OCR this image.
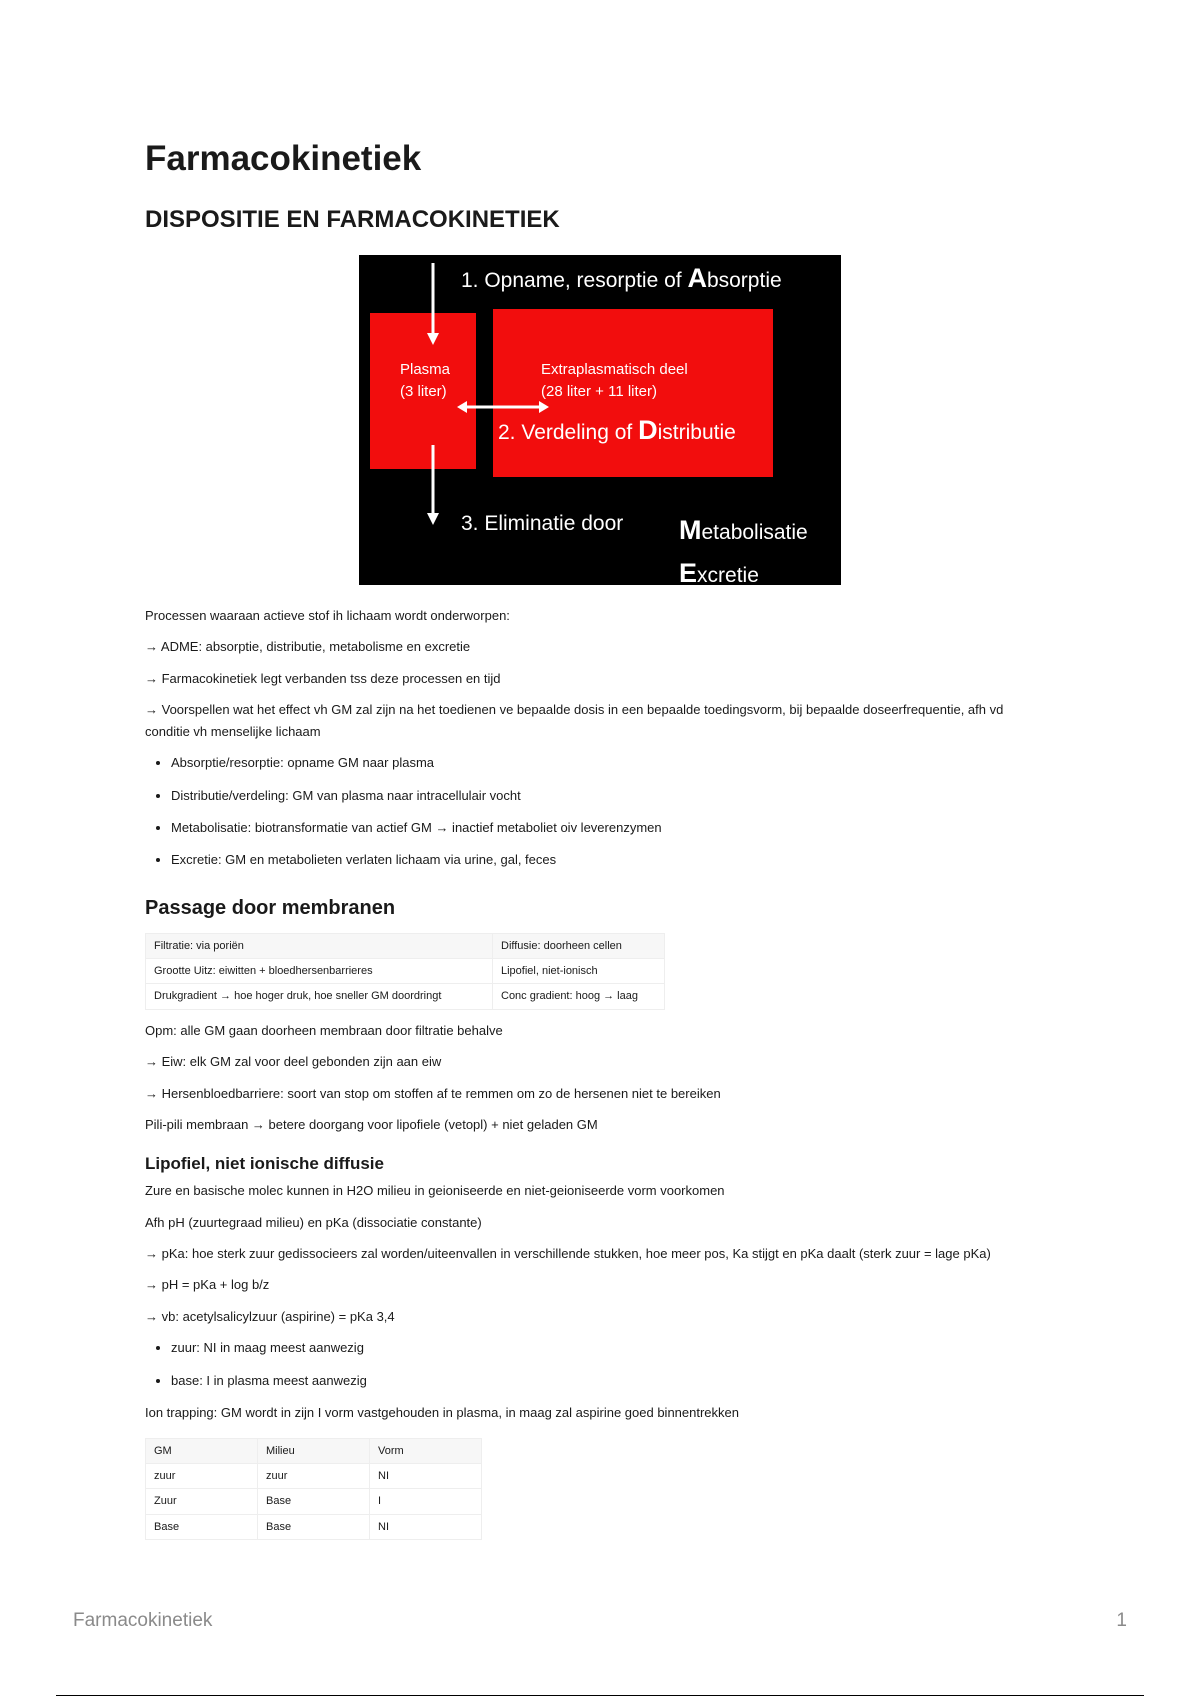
Farmacokinetiek
DISPOSITIE EN FARMACOKINETIEK
1. Opname, resorptie of Absorptie
Plasma
(3 liter)
Extraplasmatisch deel
(28 liter + 11 liter)
2. Verdeling of Distributie
3. Eliminatie door Metabolisatie
Excretie

Processen waaraan actieve stof ih lichaam wordt onderworpen:

→ ADME: absorptie, distributie, metabolisme en excretie

→ Farmacokinetiek legt verbanden tss deze processen en tijd

→ Voorspellen wat het effect vh GM zal zijn na het toedienen ve bepaalde dosis in een bepaalde toedingsvorm, bij bepaalde doseerfrequentie, afh vd conditie vh menselijke lichaam

• Absorptie/resorptie: opname GM naar plasma
• Distributie/verdeling: GM van plasma naar intracellulair vocht
• Metabolisatie: biotransformatie van actief GM → inactief metaboliet oiv leverenzymen
• Excretie: GM en metabolieten verlaten lichaam via urine, gal, feces
Passage door membranen
Filtratie: via poriën	Diffusie: doorheen cellen
Grootte Uitz: eiwitten + bloedhersenbarrieres	Lipofiel, niet-ionisch
Drukgradient → hoe hoger druk, hoe sneller GM doordringt	Conc gradient: hoog → laag

Opm: alle GM gaan doorheen membraan door filtratie behalve

→ Eiw: elk GM zal voor deel gebonden zijn aan eiw

→ Hersenbloedbarriere: soort van stop om stoffen af te remmen om zo de hersenen niet te bereiken

Pili-pili membraan → betere doorgang voor lipofiele (vetopl) + niet geladen GM

Lipofiel, niet ionische diffusie

Zure en basische molec kunnen in H2O milieu in geioniseerde en niet-geioniseerde vorm voorkomen

Afh pH (zuurtegraad milieu) en pKa (dissociatie constante)

→ pKa: hoe sterk zuur gedissocieers zal worden/uiteenvallen in verschillende stukken, hoe meer pos, Ka stijgt en pKa daalt (sterk zuur = lage pKa)

→ pH = pKa + log b/z

→ vb: acetylsalicylzuur (aspirine) = pKa 3,4

• zuur: NI in maag meest aanwezig
• base: I in plasma meest aanwezig

Ion trapping: GM wordt in zijn I vorm vastgehouden in plasma, in maag zal aspirine goed binnentrekken

GM	Milieu	Vorm
zuur	zuur	NI
Zuur	Base	I
Base	Base	NI
Farmacokinetiek	1
